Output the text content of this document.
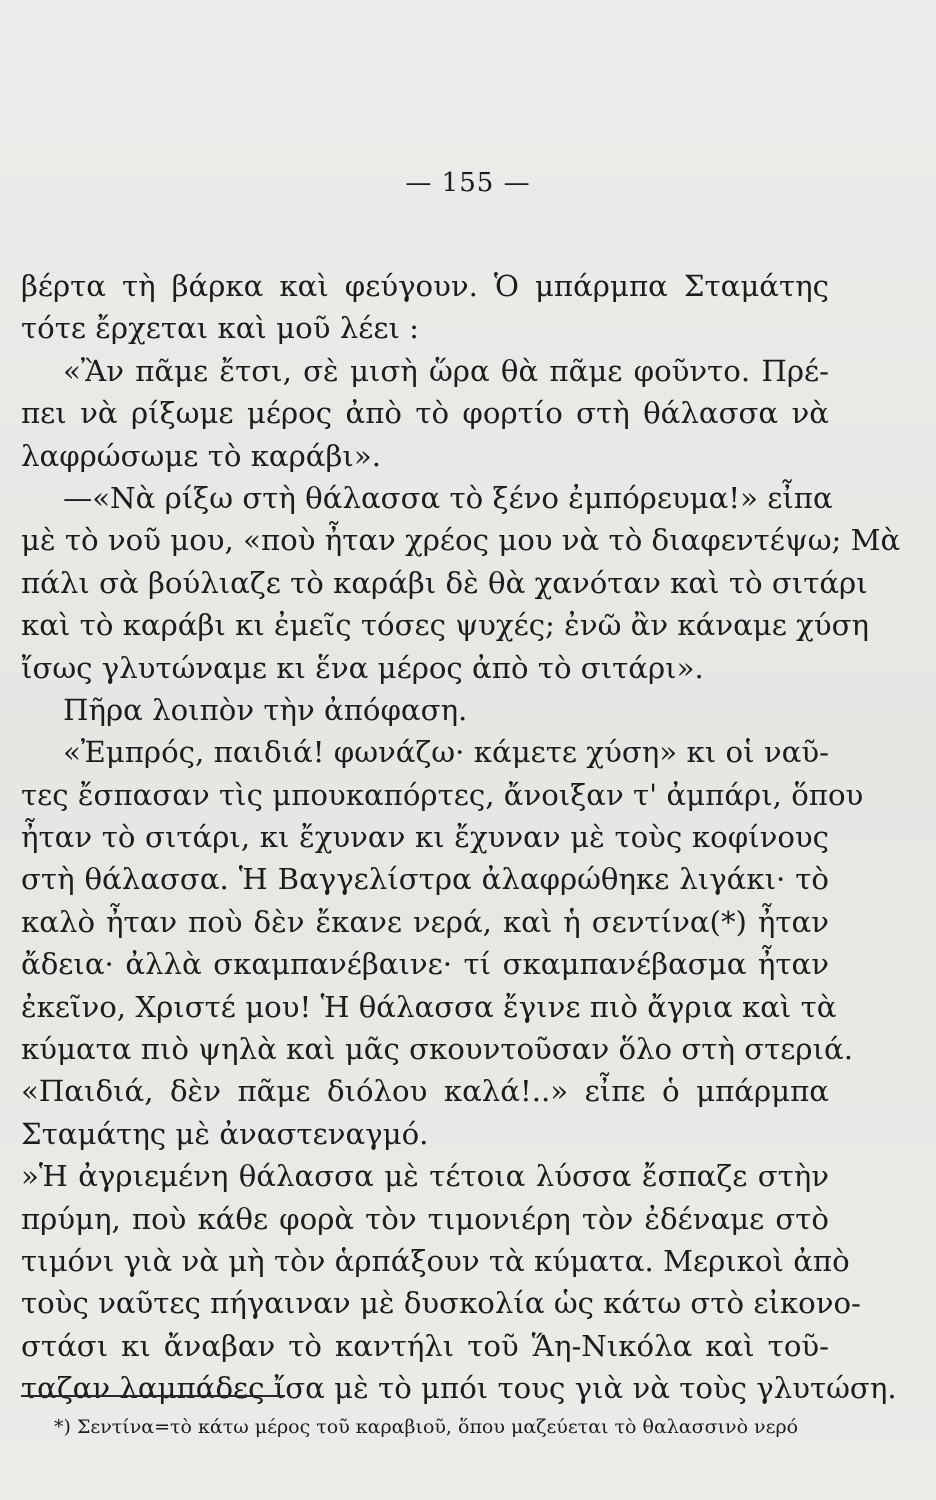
— 155 —
βέρτα τὴ βάρκα καὶ φεύγουν. Ὁ μπάρμπα Σταμάτης
τότε ἔρχεται καὶ μοῦ λέει :
«Ἂν πᾶμε ἔτσι, σὲ μισὴ ὥρα θὰ πᾶμε φοῦντο. Πρέ-
πει νὰ ρίξωμε μέρος ἀπὸ τὸ φορτίο στὴ θάλασσα νὰ
λαφρώσωμε τὸ καράβι».
—«Νὰ ρίξω στὴ θάλασσα τὸ ξένο ἐμπόρευμα!» εἶπα
μὲ τὸ νοῦ μου, «ποὺ ἦταν χρέος μου νὰ τὸ διαφεντέψω; Μὰ
πάλι σὰ βούλιαζε τὸ καράβι δὲ θὰ χανόταν καὶ τὸ σιτάρι
καὶ τὸ καράβι κι ἐμεῖς τόσες ψυχές; ἐνῶ ἂν κάναμε χύση
ἴσως γλυτώναμε κι ἕνα μέρος ἀπὸ τὸ σιτάρι».
Πῆρα λοιπὸν τὴν ἀπόφαση.
«Ἐμπρός, παιδιά! φωνάζω· κάμετε χύση» κι οἱ ναῦ-
τες ἔσπασαν τὶς μπουκαπόρτες, ἄνοιξαν τ' ἀμπάρι, ὅπου
ἦταν τὸ σιτάρι, κι ἔχυναν κι ἔχυναν μὲ τοὺς κοφίνους
στὴ θάλασσα. Ἡ Βαγγελίστρα ἀλαφρώθηκε λιγάκι· τὸ
καλὸ ἦταν ποὺ δὲν ἔκανε νερά, καὶ ἡ σεντίνα(*) ἦταν
ἄδεια· ἀλλὰ σκαμπανέβαινε· τί σκαμπανέβασμα ἦταν
ἐκεῖνο, Χριστέ μου! Ἡ θάλασσα ἔγινε πιὸ ἄγρια καὶ τὰ
κύματα πιὸ ψηλὰ καὶ μᾶς σκουντοῦσαν ὅλο στὴ στεριά.
«Παιδιά, δὲν πᾶμε διόλου καλά!..» εἶπε ὁ μπάρμπα
Σταμάτης μὲ ἀναστεναγμό.
»Ἡ ἀγριεμένη θάλασσα μὲ τέτοια λύσσα ἔσπαζε στὴν
πρύμη, ποὺ κάθε φορὰ τὸν τιμονιέρη τὸν ἐδέναμε στὸ
τιμόνι γιὰ νὰ μὴ τὸν ἁρπάξουν τὰ κύματα. Μερικοὶ ἀπὸ
τοὺς ναῦτες πήγαιναν μὲ δυσκολία ὡς κάτω στὸ εἰκονο-
στάσι κι ἄναβαν τὸ καντήλι τοῦ Ἅη-Νικόλα καὶ τοῦ-
ταζαν λαμπάδες ἴσα μὲ τὸ μπόι τους γιὰ νὰ τοὺς γλυτώση.
*) Σεντίνα=τὸ κάτω μέρος τοῦ καραβιοῦ, ὅπου μαζεύεται τὸ θαλασσινὸ νερό
